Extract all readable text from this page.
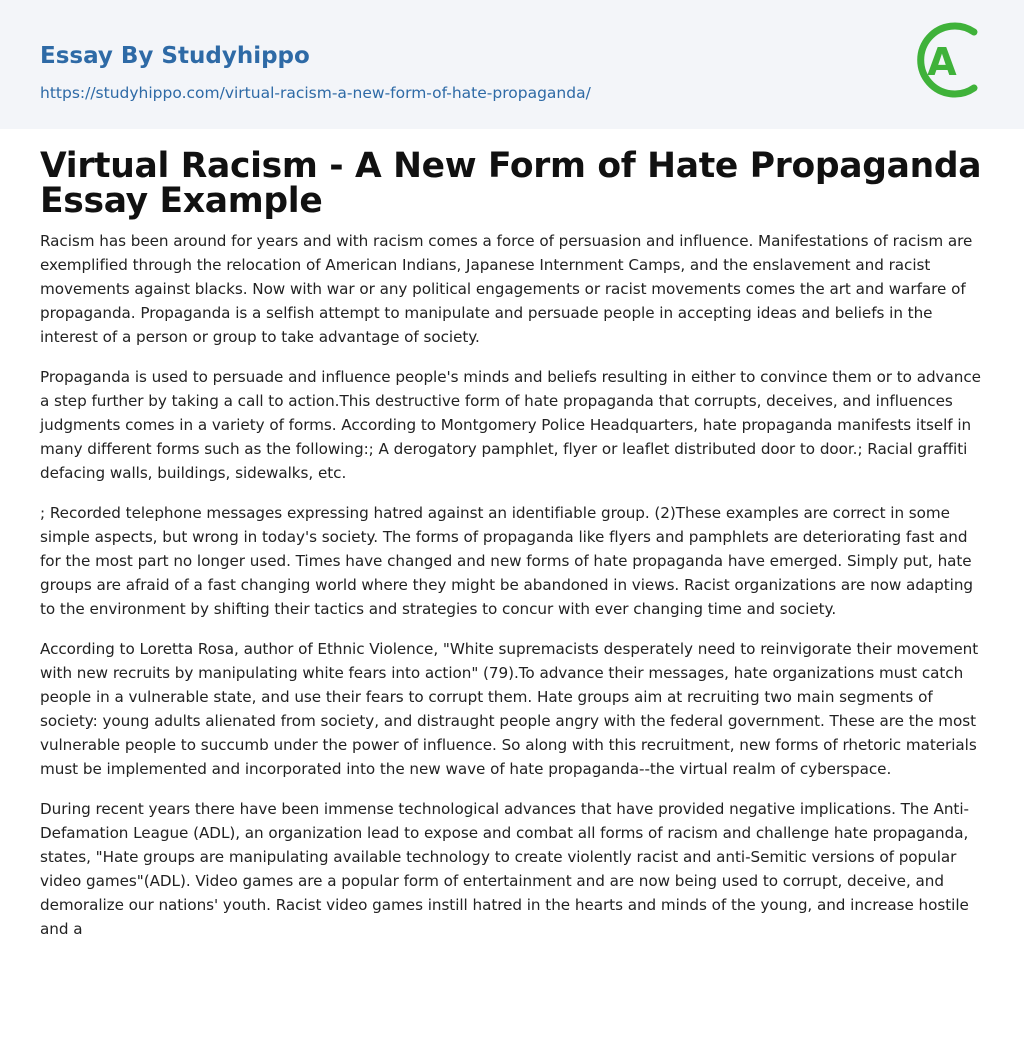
Essay By Studyhippo
https://studyhippo.com/virtual-racism-a-new-form-of-hate-propaganda/
A
Virtual Racism - A New Form of Hate Propaganda Essay Example

Racism has been around for years and with racism comes a force of persuasion and influence. Manifestations of racism are exemplified through the relocation of American Indians, Japanese Internment Camps, and the enslavement and racist movements against blacks. Now with war or any political engagements or racist movements comes the art and warfare of propaganda. Propaganda is a selfish attempt to manipulate and persuade people in accepting ideas and beliefs in the interest of a person or group to take advantage of society.

Propaganda is used to persuade and influence people's minds and beliefs resulting in either to convince them or to advance a step further by taking a call to action.This destructive form of hate propaganda that corrupts, deceives, and influences judgments comes in a variety of forms. According to Montgomery Police Headquarters, hate propaganda manifests itself in many different forms such as the following:; A derogatory pamphlet, flyer or leaflet distributed door to door.; Racial graffiti defacing walls, buildings, sidewalks, etc.

; Recorded telephone messages expressing hatred against an identifiable group. (2)These examples are correct in some simple aspects, but wrong in today's society. The forms of propaganda like flyers and pamphlets are deteriorating fast and for the most part no longer used. Times have changed and new forms of hate propaganda have emerged. Simply put, hate groups are afraid of a fast changing world where they might be abandoned in views. Racist organizations are now adapting to the environment by shifting their tactics and strategies to concur with ever changing time and society.

According to Loretta Rosa, author of Ethnic Violence, "White supremacists desperately need to reinvigorate their movement with new recruits by manipulating white fears into action" (79).To advance their messages, hate organizations must catch people in a vulnerable state, and use their fears to corrupt them. Hate groups aim at recruiting two main segments of society: young adults alienated from society, and distraught people angry with the federal government. These are the most vulnerable people to succumb under the power of influence. So along with this recruitment, new forms of rhetoric materials must be implemented and incorporated into the new wave of hate propaganda--the virtual realm of cyberspace.

During recent years there have been immense technological advances that have provided negative implications. The Anti-Defamation League (ADL), an organization lead to expose and combat all forms of racism and challenge hate propaganda, states, "Hate groups are manipulating available technology to create violently racist and anti-Semitic versions of popular video games"(ADL). Video games are a popular form of entertainment and are now being used to corrupt, deceive, and demoralize our nations' youth. Racist video games instill hatred in the hearts and minds of the young, and increase hostile and a
